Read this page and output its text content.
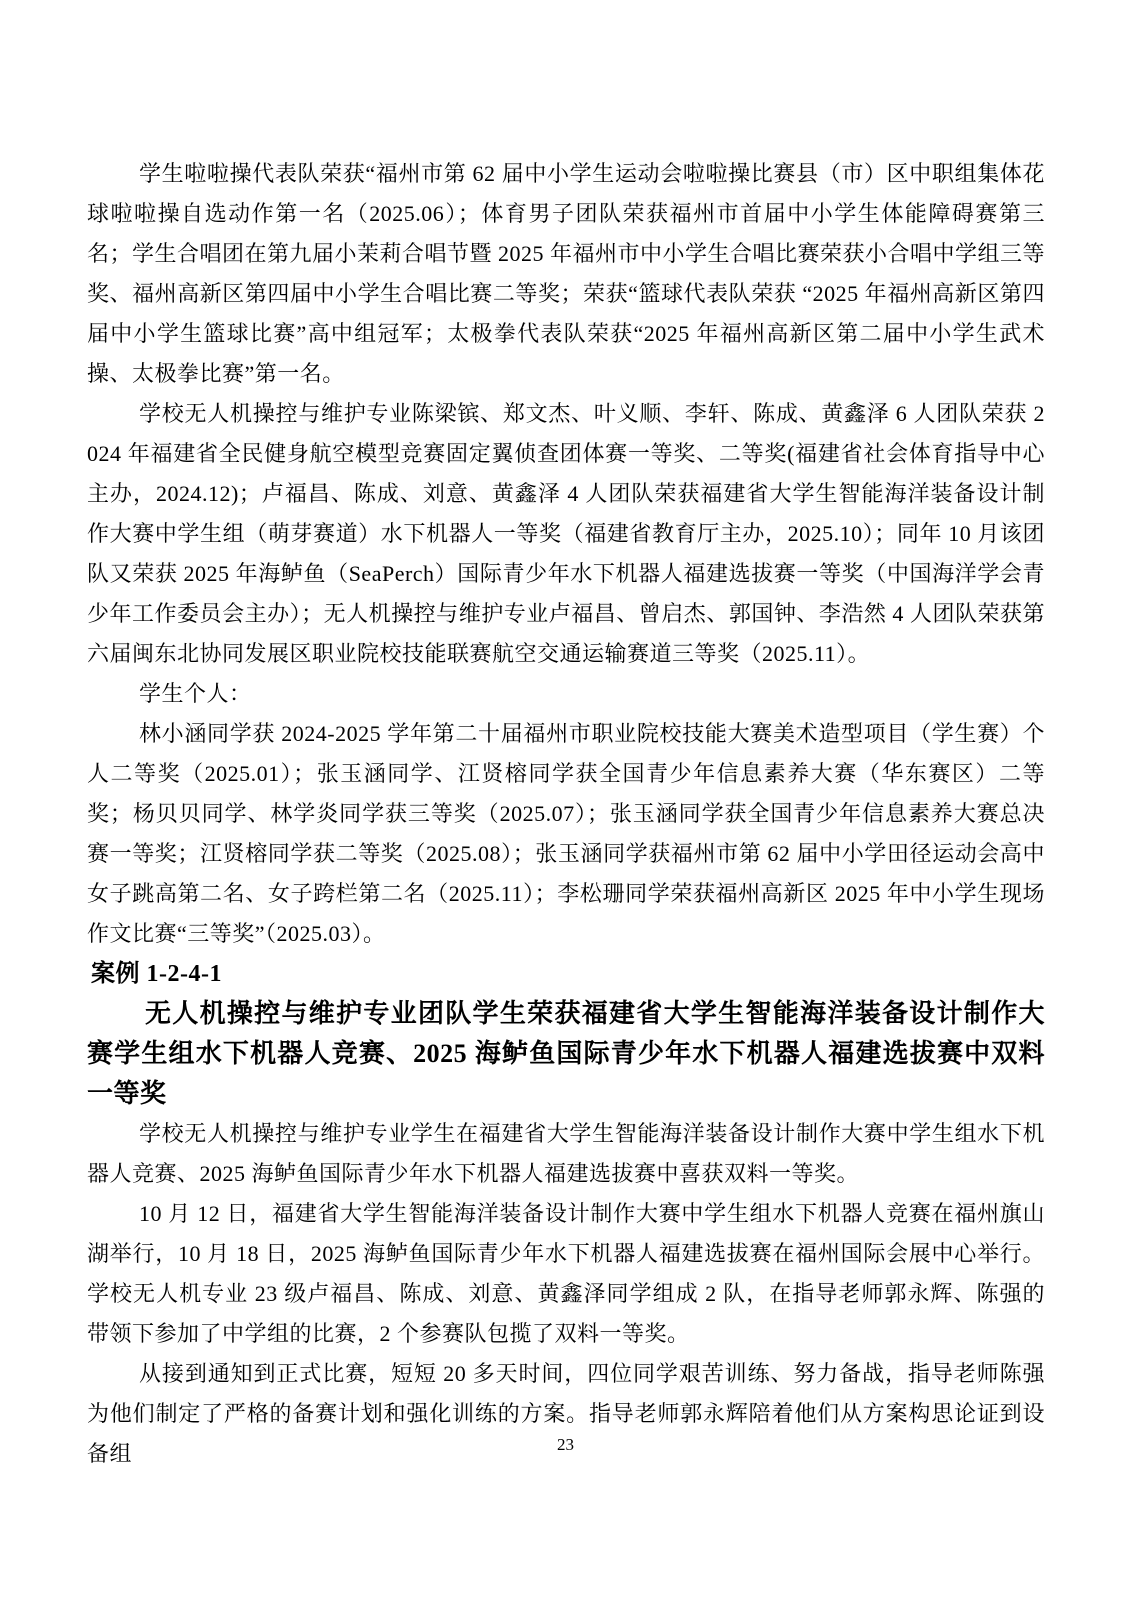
学生啦啦操代表队荣获“福州市第 62 届中小学生运动会啦啦操比赛县（市）区中职组集体花球啦啦操自选动作第一名（2025.06）；体育男子团队荣获福州市首届中小学生体能障碍赛第三名；学生合唱团在第九届小茉莉合唱节暨 2025 年福州市中小学生合唱比赛荣获小合唱中学组三等奖、福州高新区第四届中小学生合唱比赛二等奖；荣获“篮球代表队荣获 “2025 年福州高新区第四届中小学生篮球比赛”高中组冠军；太极拳代表队荣获“2025 年福州高新区第二届中小学生武术操、太极拳比赛”第一名。

学校无人机操控与维护专业陈梁镔、郑文杰、叶义顺、李轩、陈成、黄鑫泽 6 人团队荣获 2024 年福建省全民健身航空模型竞赛固定翼侦查团体赛一等奖、二等奖(福建省社会体育指导中心主办，2024.12)；卢福昌、陈成、刘意、黄鑫泽 4 人团队荣获福建省大学生智能海洋装备设计制作大赛中学生组（萌芽赛道）水下机器人一等奖（福建省教育厅主办，2025.10）；同年 10 月该团队又荣获 2025 年海鲈鱼（SeaPerch）国际青少年水下机器人福建选拔赛一等奖（中国海洋学会青少年工作委员会主办）；无人机操控与维护专业卢福昌、曾启杰、郭国钟、李浩然 4 人团队荣获第六届闽东北协同发展区职业院校技能联赛航空交通运输赛道三等奖（2025.11）。

学生个人：

林小涵同学获 2024-2025 学年第二十届福州市职业院校技能大赛美术造型项目（学生赛）个人二等奖（2025.01）；张玉涵同学、江贤榕同学获全国青少年信息素养大赛（华东赛区）二等奖；杨贝贝同学、林学炎同学获三等奖（2025.07）；张玉涵同学获全国青少年信息素养大赛总决赛一等奖；江贤榕同学获二等奖（2025.08）；张玉涵同学获福州市第 62 届中小学田径运动会高中女子跳高第二名、女子跨栏第二名（2025.11）；李松珊同学荣获福州高新区 2025 年中小学生现场作文比赛“三等奖”（2025.03）。

案例 1-2-4-1

无人机操控与维护专业团队学生荣获福建省大学生智能海洋装备设计制作大赛学生组水下机器人竞赛、2025 海鲈鱼国际青少年水下机器人福建选拔赛中双料一等奖

学校无人机操控与维护专业学生在福建省大学生智能海洋装备设计制作大赛中学生组水下机器人竞赛、2025 海鲈鱼国际青少年水下机器人福建选拔赛中喜获双料一等奖。

10 月 12 日，福建省大学生智能海洋装备设计制作大赛中学生组水下机器人竞赛在福州旗山湖举行，10 月 18 日，2025 海鲈鱼国际青少年水下机器人福建选拔赛在福州国际会展中心举行。学校无人机专业 23 级卢福昌、陈成、刘意、黄鑫泽同学组成 2 队，在指导老师郭永辉、陈强的带领下参加了中学组的比赛，2 个参赛队包揽了双料一等奖。

从接到通知到正式比赛，短短 20 多天时间，四位同学艰苦训练、努力备战，指导老师陈强为他们制定了严格的备赛计划和强化训练的方案。指导老师郭永辉陪着他们从方案构思论证到设备组	23
